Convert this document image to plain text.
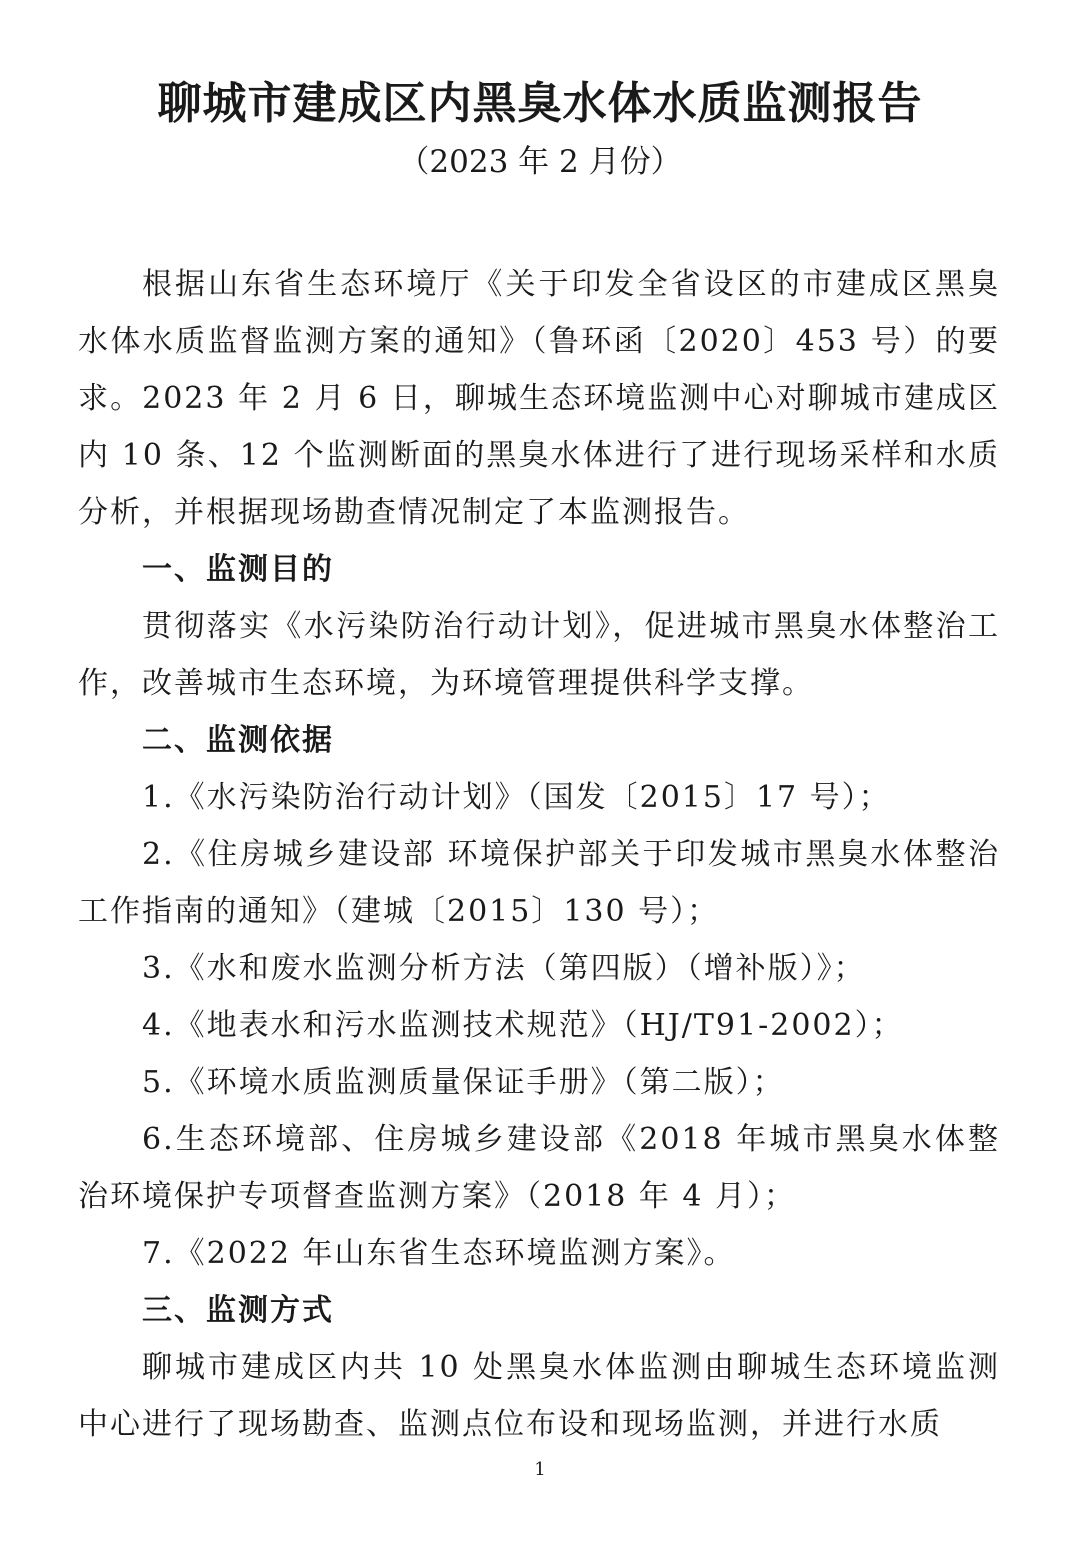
聊城市建成区内黑臭水体水质监测报告
（2023 年 2 月份）

根据山东省生态环境厅《关于印发全省设区的市建成区黑臭水体水质监督监测方案的通知》（鲁环函〔2020〕453 号）的要求。2023 年 2 月 6 日，聊城生态环境监测中心对聊城市建成区内 10 条、12 个监测断面的黑臭水体进行了进行现场采样和水质分析，并根据现场勘查情况制定了本监测报告。

一、监测目的

贯彻落实《水污染防治行动计划》，促进城市黑臭水体整治工作，改善城市生态环境，为环境管理提供科学支撑。

二、监测依据

1.《水污染防治行动计划》（国发〔2015〕17 号）；

2.《住房城乡建设部 环境保护部关于印发城市黑臭水体整治工作指南的通知》（建城〔2015〕130 号）；

3.《水和废水监测分析方法（第四版）（增补版）》；

4.《地表水和污水监测技术规范》（HJ/T91-2002）；

5.《环境水质监测质量保证手册》（第二版）；

6.生态环境部、住房城乡建设部《2018 年城市黑臭水体整治环境保护专项督查监测方案》（2018 年 4 月）；

7.《2022 年山东省生态环境监测方案》。

三、监测方式

聊城市建成区内共 10 处黑臭水体监测由聊城生态环境监测中心进行了现场勘查、监测点位布设和现场监测，并进行水质

1
